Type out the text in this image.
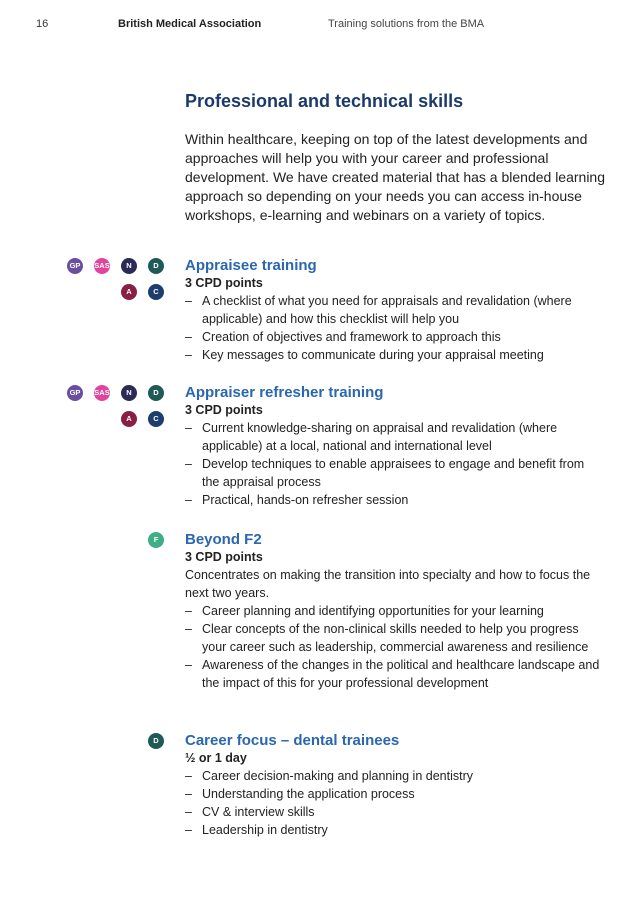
16	British Medical Association	Training solutions from the BMA
Professional and technical skills

Within healthcare, keeping on top of the latest developments and approaches will help you with your career and professional development. We have created material that has a blended learning approach so depending on your needs you can access in-house workshops, e-learning and webinars on a variety of topics.

GP	SAS	N	D
A	C
Appraisee training

3 CPD points

– A checklist of what you need for appraisals and revalidation (where applicable) and how this checklist will help you
– Creation of objectives and framework to approach this
– Key messages to communicate during your appraisal meeting
GP	SAS	N	D
A	C
Appraiser refresher training

3 CPD points

– Current knowledge-sharing on appraisal and revalidation (where applicable) at a local, national and international level
– Develop techniques to enable appraisees to engage and benefit from the appraisal process
– Practical, hands-on refresher session
F	Beyond F2

3 CPD points

Concentrates on making the transition into specialty and how to focus the next two years.

– Career planning and identifying opportunities for your learning
– Clear concepts of the non-clinical skills needed to help you progress your career such as leadership, commercial awareness and resilience
– Awareness of the changes in the political and healthcare landscape and the impact of this for your professional development
D	Career focus – dental trainees

½ or 1 day

– Career decision-making and planning in dentistry
– Understanding the application process
– CV & interview skills
– Leadership in dentistry
